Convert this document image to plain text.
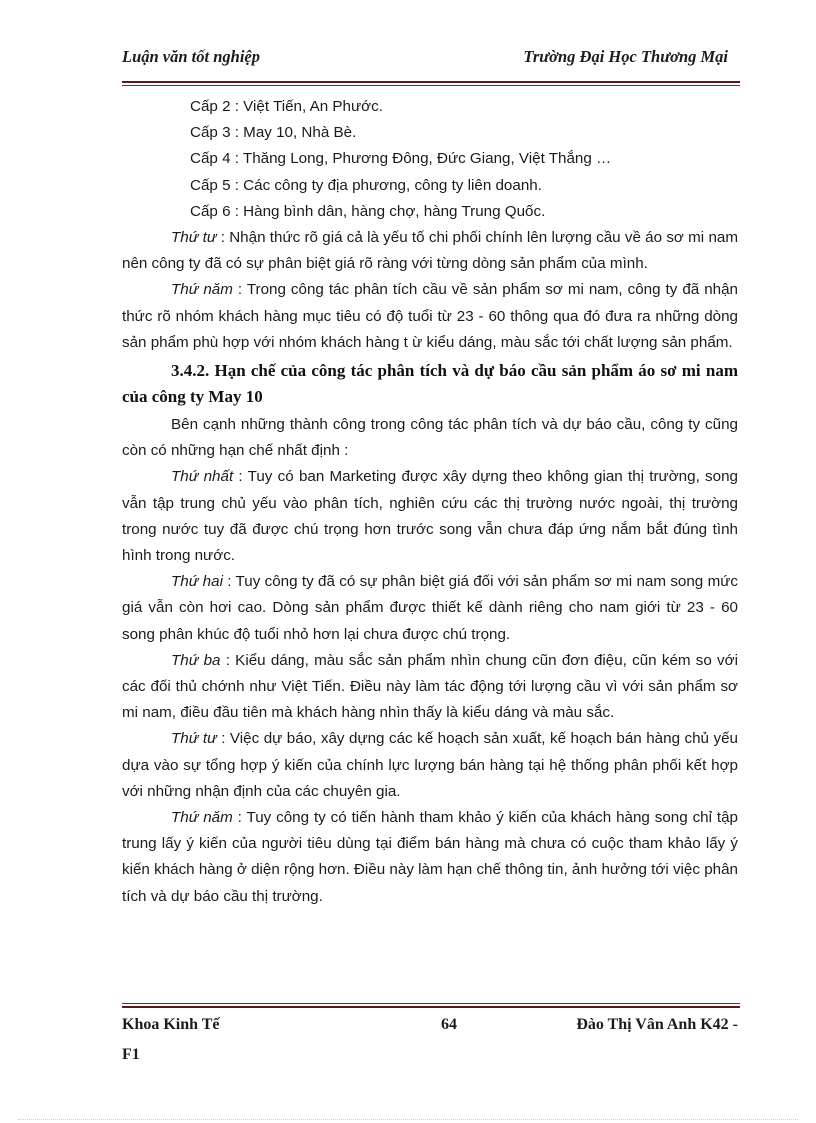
Luận văn tốt nghiệp	Trường Đại Học Thương Mại
Cấp 2 : Việt Tiến, An Phước.
Cấp 3 : May 10, Nhà Bè.
Cấp 4 : Thăng Long, Phương Đông, Đức Giang, Việt Thắng …
Cấp 5 : Các công ty địa phương, công ty liên doanh.
Cấp 6 : Hàng bình dân, hàng chợ, hàng Trung Quốc.
Thứ tư : Nhận thức rõ giá cả là yếu tố chi phối chính lên lượng cầu về áo sơ mi nam nên công ty đã có sự phân biệt giá rõ ràng với từng dòng sản phẩm của mình.
Thứ năm : Trong công tác phân tích cầu về sản phẩm sơ mi nam, công ty đã nhận thức rõ nhóm khách hàng mục tiêu có độ tuổi từ 23 - 60 thông qua đó đưa ra những dòng sản phẩm phù hợp với nhóm khách hàng t ừ kiểu dáng, màu sắc tới chất lượng sản phẩm.
3.4.2. Hạn chế của công tác phân tích và dự báo cầu sản phẩm áo sơ mi nam của công ty May 10
Bên cạnh những thành công trong công tác phân tích và dự báo cầu, công ty cũng còn có những hạn chế nhất định :
Thứ nhất : Tuy có ban Marketing được xây dựng theo không gian thị trường, song vẫn tập trung chủ yếu vào phân tích, nghiên cứu các thị trường nước ngoài, thị trường trong nước tuy đã được chú trọng hơn trước song vẫn chưa đáp ứng nắm bắt đúng tình hình trong nước.
Thứ hai : Tuy công ty đã có sự phân biệt giá đối với sản phẩm sơ mi nam song mức giá vẫn còn hơi cao. Dòng sản phẩm được thiết kế dành riêng cho nam giới từ 23 - 60 song phân khúc độ tuổi nhỏ hơn lại chưa được chú trọng.
Thứ ba : Kiểu dáng, màu sắc sản phẩm nhìn chung cũn đơn điệu, cũn kém so với các đối thủ chớnh như Việt Tiến. Điều này làm tác động tới lượng cầu vì với sản phẩm sơ mi nam, điều đầu tiên mà khách hàng nhìn thấy là kiểu dáng và màu sắc.
Thứ tư : Việc dự báo, xây dựng các kế hoạch sản xuất, kế hoạch bán hàng chủ yếu dựa vào sự tổng hợp ý kiến của chính lực lượng bán hàng tại hệ thống phân phối kết hợp với những nhận định của các chuyên gia.
Thứ năm : Tuy công ty có tiến hành tham khảo ý kiến của khách hàng song chỉ tập trung lấy ý kiến của người tiêu dùng tại điểm bán hàng mà chưa có cuộc tham khảo lấy ý kiến khách hàng ở diện rộng hơn. Điều này làm hạn chế thông tin, ảnh hưởng tới việc phân tích và dự báo cầu thị trường.
Khoa Kinh Tế	64	Đào Thị Vân Anh K42 -
F1
